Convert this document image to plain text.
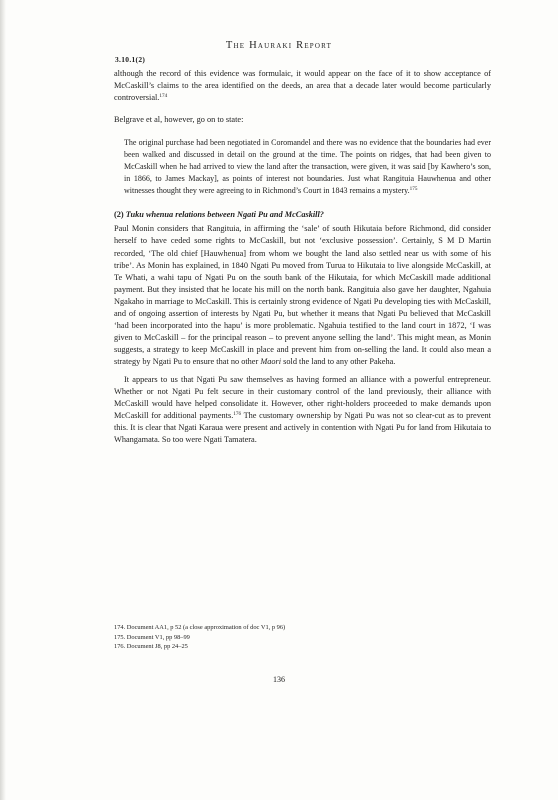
3.10.1(2)
The Hauraki Report

although the record of this evidence was formulaic, it would appear on the face of it to show acceptance of McCaskill’s claims to the area identified on the deeds, an area that a decade later would become particularly controversial.$^{174}$

Belgrave et al, however, go on to state:

The original purchase had been negotiated in Coromandel and there was no evidence that the boundaries had ever been walked and discussed in detail on the ground at the time. The points on ridges, that had been given to McCaskill when he had arrived to view the land after the transaction, were given, it was said [by Kawhero’s son, in 1866, to James Mackay], as points of interest not boundaries. Just what Rangituia Hauwhenua and other witnesses thought they were agreeing to in Richmond’s Court in 1843 remains a mystery.$^{175}$
(2) Tuku whenua relations between Ngati Pu and McCaskill?

Paul Monin considers that Rangituia, in affirming the ‘sale’ of south Hikutaia before Richmond, did consider herself to have ceded some rights to McCaskill, but not ‘exclusive possession’. Certainly, S M D Martin recorded, ‘The old chief [Hauwhenua] from whom we bought the land also settled near us with some of his tribe’. As Monin has explained, in 1840 Ngati Pu moved from Turua to Hikutaia to live alongside McCaskill, at Te Whati, a wahi tapu of Ngati Pu on the south bank of the Hikutaia, for which McCaskill made additional payment. But they insisted that he locate his mill on the north bank. Rangituia also gave her daughter, Ngahuia Ngakaho in marriage to McCaskill. This is certainly strong evidence of Ngati Pu developing ties with McCaskill, and of ongoing assertion of interests by Ngati Pu, but whether it means that Ngati Pu believed that McCaskill ‘had been incorporated into the hapu’ is more problematic. Ngahuia testified to the land court in 1872, ‘I was given to McCaskill – for the principal reason – to prevent anyone selling the land’. This might mean, as Monin suggests, a strategy to keep McCaskill in place and prevent him from on-selling the land. It could also mean a strategy by Ngati Pu to ensure that no other Maori sold the land to any other Pakeha.

It appears to us that Ngati Pu saw themselves as having formed an alliance with a powerful entrepreneur. Whether or not Ngati Pu felt secure in their customary control of the land previously, their alliance with McCaskill would have helped consolidate it. However, other right-holders proceeded to make demands upon McCaskill for additional payments.$^{176}$ The customary ownership by Ngati Pu was not so clear-cut as to prevent this. It is clear that Ngati Karaua were present and actively in contention with Ngati Pu for land from Hikutaia to Whangamata. So too were Ngati Tamatera.

174. Document AA1, p 52 (a close approximation of doc V1, p 96)
175. Document V1, pp 98–99
176. Document J8, pp 24–25
136
